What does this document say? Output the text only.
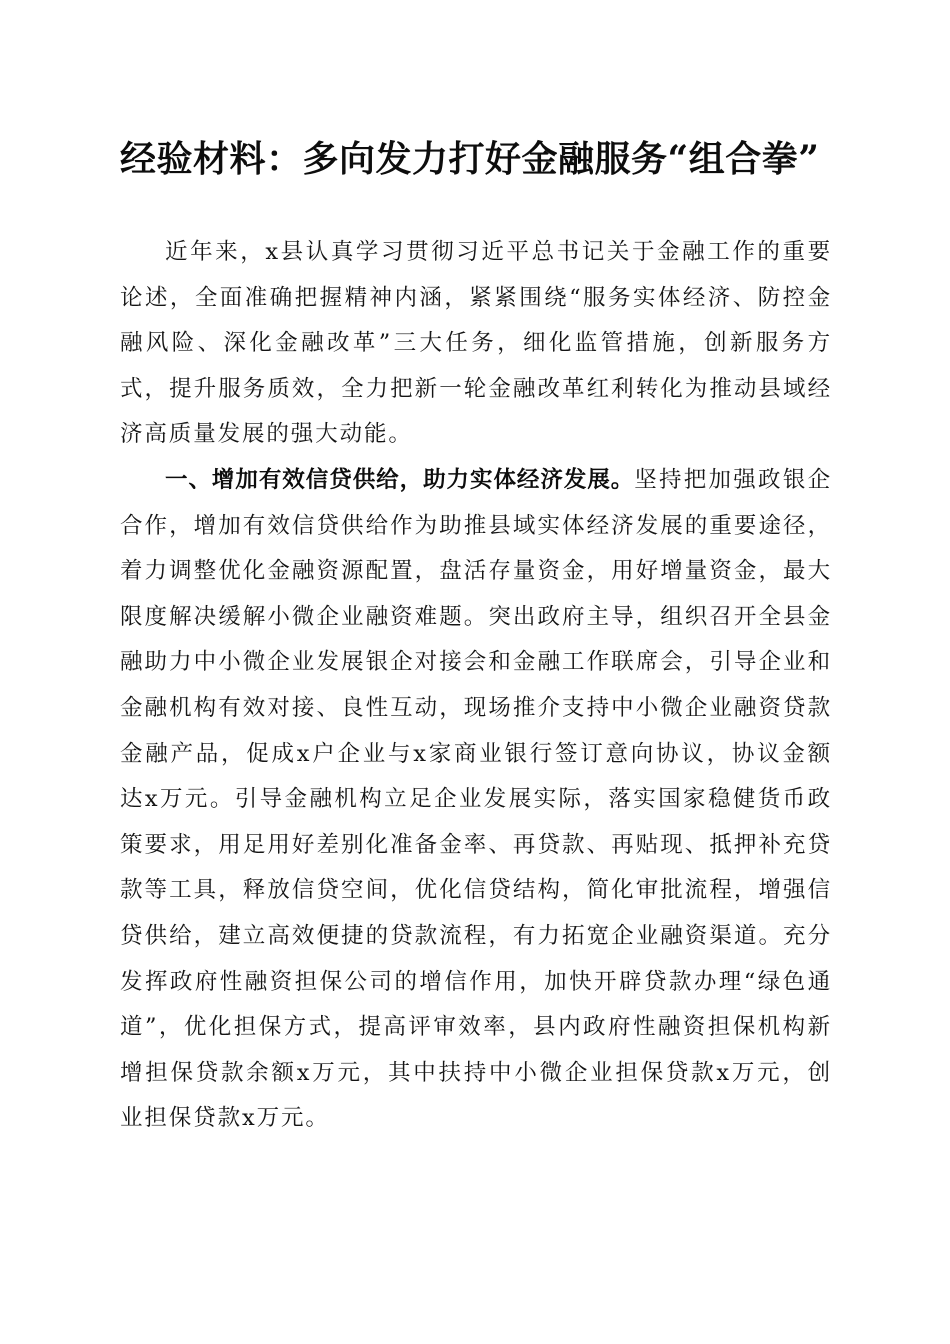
经验材料：多向发力打好金融服务“组合拳”

近年来，x县认真学习贯彻习近平总书记关于金融工作的重要论述，全面准确把握精神内涵，紧紧围绕“服务实体经济、防控金融风险、深化金融改革”三大任务，细化监管措施，创新服务方式，提升服务质效，全力把新一轮金融改革红利转化为推动县域经济高质量发展的强大动能。

一、增加有效信贷供给，助力实体经济发展。坚持把加强政银企合作，增加有效信贷供给作为助推县域实体经济发展的重要途径，着力调整优化金融资源配置，盘活存量资金，用好增量资金，最大限度解决缓解小微企业融资难题。突出政府主导，组织召开全县金融助力中小微企业发展银企对接会和金融工作联席会，引导企业和金融机构有效对接、良性互动，现场推介支持中小微企业融资贷款金融产品，促成x户企业与x家商业银行签订意向协议，协议金额达x万元。引导金融机构立足企业发展实际，落实国家稳健货币政策要求，用足用好差别化准备金率、再贷款、再贴现、抵押补充贷款等工具，释放信贷空间，优化信贷结构，简化审批流程，增强信贷供给，建立高效便捷的贷款流程，有力拓宽企业融资渠道。充分发挥政府性融资担保公司的增信作用，加快开辟贷款办理“绿色通道”，优化担保方式，提高评审效率，县内政府性融资担保机构新增担保贷款余额x万元，其中扶持中小微企业担保贷款x万元，创业担保贷款x万元。
